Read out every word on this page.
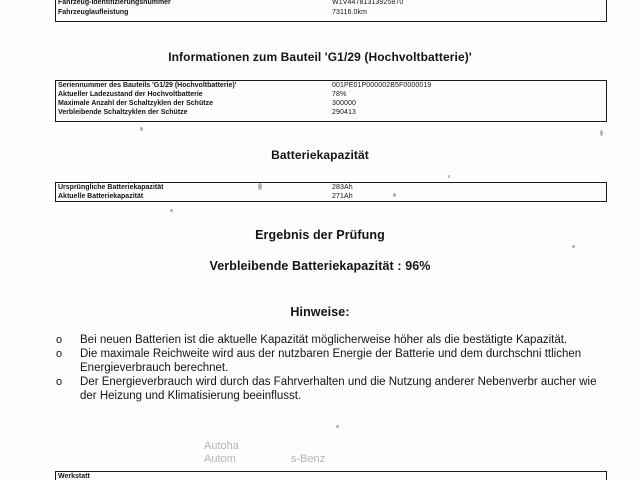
Fahrzeug-Identifizierungsnummer	W1V44781313925870
Fahrzeuglaufleistung	73116.0km
Informationen zum Bauteil 'G1/29 (Hochvoltbatterie)'
Seriennummer des Bauteils 'G1/29 (Hochvoltbatterie)'	001PE01P000002B5F0000019
Aktueller Ladezustand der Hochvoltbatterie	78%
Maximale Anzahl der Schaltzyklen der Schütze	300000
Verbleibende Schaltzyklen der Schütze	290413
Batteriekapazität
Ursprüngliche Batteriekapazität	283Ah
Aktuelle Batteriekapazität	271Ah
Ergebnis der Prüfung
Verbleibende Batteriekapazität : 96%
Hinweise:
o	Bei neuen Batterien ist die aktuelle Kapazität möglicherweise höher als die bestätigte Kapazität.
o	Die maximale Reichweite wird aus der nutzbaren Energie der Batterie und dem durchschni ttlichen Energieverbrauch berechnet.
o	Der Energieverbrauch wird durch das Fahrverhalten und die Nutzung anderer Nebenverbr aucher wie der Heizung und Klimatisierung beeinflusst.
Autoha
Autom	s-Benz
Werkstatt
